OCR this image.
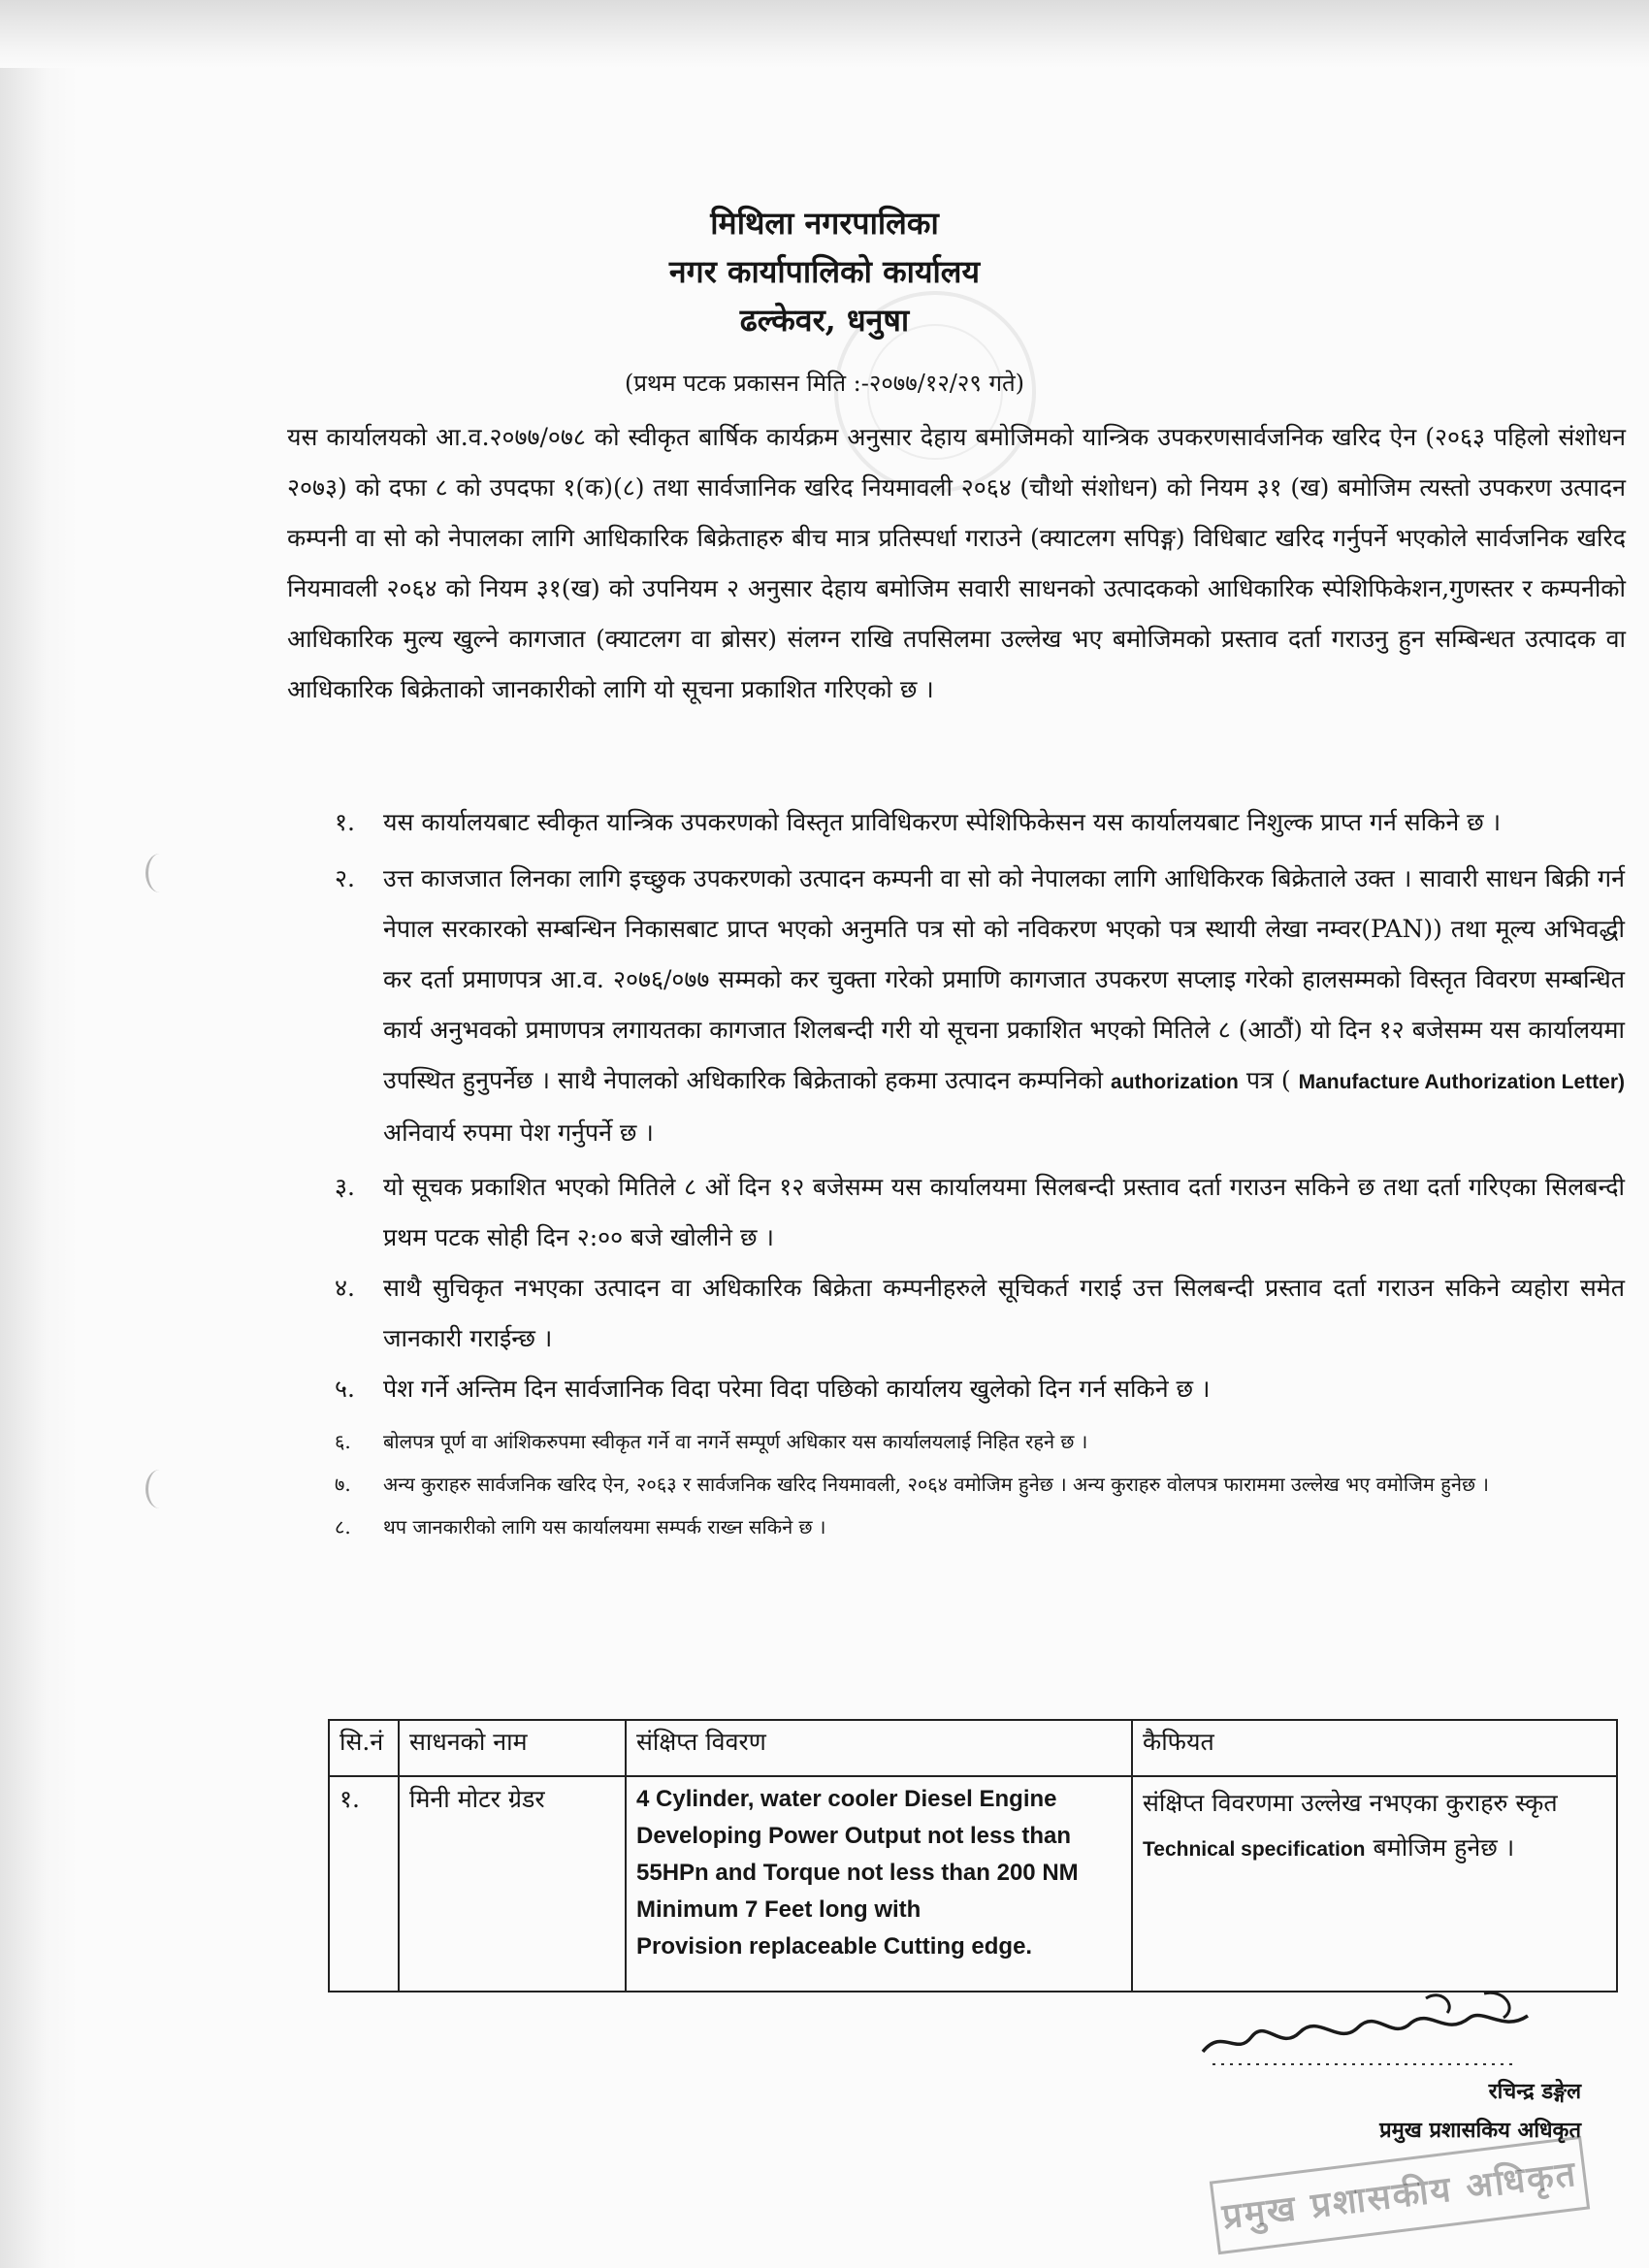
मिथिला नगरपालिका
नगर कार्यापालिको कार्यालय
ढल्केवर, धनुषा
(प्रथम पटक प्रकासन मिति :-२०७७/१२/२९ गते)
यस कार्यालयको आ.व.२०७७/०७८ को स्वीकृत बार्षिक कार्यक्रम अनुसार देहाय बमोजिमको यान्त्रिक उपकरणसार्वजनिक खरिद ऐन (२०६३ पहिलो संशोधन २०७३) को दफा ८ को उपदफा १(क)(८) तथा सार्वजानिक खरिद नियमावली २०६४ (चौथो संशोधन) को नियम ३१ (ख) बमोजिम त्यस्तो उपकरण उत्पादन कम्पनी वा सो को नेपालका लागि आधिकारिक बिक्रेताहरु बीच मात्र प्रतिस्पर्धा गराउने (क्याटलग सपिङ्ग) विधिबाट खरिद गर्नुपर्ने भएकोले सार्वजनिक खरिद नियमावली २०६४ को नियम ३१(ख) को उपनियम २ अनुसार देहाय बमोजिम सवारी साधनको उत्पादकको आधिकारिक स्पेशिफिकेशन,गुणस्तर र कम्पनीको आधिकारिक मुल्य खुल्ने कागजात (क्याटलग वा ब्रोसर) संलग्न राखि तपसिलमा उल्लेख भए बमोजिमको प्रस्ताव दर्ता गराउनु हुन सम्बिन्धत उत्पादक वा आधिकारिक बिक्रेताको जानकारीको लागि यो सूचना प्रकाशित गरिएको छ ।
१. यस कार्यालयबाट स्वीकृत यान्त्रिक उपकरणको विस्तृत प्राविधिकरण स्पेशिफिकेसन यस कार्यालयबाट निशुल्क प्राप्त गर्न सकिने छ ।
२. उत्त काजजात लिनका लागि इच्छुक उपकरणको उत्पादन कम्पनी वा सो को नेपालका लागि आधिकिरक बिक्रेताले उक्त । सावारी साधन बिक्री गर्न नेपाल सरकारको सम्बन्धिन निकासबाट प्राप्त भएको अनुमति पत्र सो को नविकरण भएको पत्र स्थायी लेखा नम्वर(PAN)) तथा मूल्य अभिवद्धी कर दर्ता प्रमाणपत्र आ.व. २०७६/०७७ सम्मको कर चुक्ता गरेको प्रमाणि कागजात उपकरण सप्लाइ गरेको हालसम्मको विस्तृत विवरण सम्बन्धित कार्य अनुभवको प्रमाणपत्र लगायतका कागजात शिलबन्दी गरी यो सूचना प्रकाशित भएको मितिले ८ (आठौं) यो दिन १२ बजेसम्म यस कार्यालयमा उपस्थित हुनुपर्नेछ । साथै नेपालको अधिकारिक बिक्रेताको हकमा उत्पादन कम्पनिको authorization पत्र ( Manufacture Authorization Letter) अनिवार्य रुपमा पेश गर्नुपर्ने छ ।
३. यो सूचक प्रकाशित भएको मितिले ८ ओं दिन १२ बजेसम्म यस कार्यालयमा सिलबन्दी प्रस्ताव दर्ता गराउन सकिने छ तथा दर्ता गरिएका सिलबन्दी प्रथम पटक सोही दिन २:०० बजे खोलीने छ ।
४. साथै सुचिकृत नभएका उत्पादन वा अधिकारिक बिक्रेता कम्पनीहरुले सूचिकर्त गराई उत्त सिलबन्दी प्रस्ताव दर्ता गराउन सकिने व्यहोरा समेत जानकारी गराईन्छ ।
५. पेश गर्ने अन्तिम दिन सार्वजानिक विदा परेमा विदा पछिको कार्यालय खुलेको दिन गर्न सकिने छ ।
६. बोलपत्र पूर्ण वा आंशिकरुपमा स्वीकृत गर्ने वा नगर्ने सम्पूर्ण अधिकार यस कार्यालयलाई निहित रहने छ ।
७. अन्य कुराहरु सार्वजनिक खरिद ऐन, २०६३ र सार्वजनिक खरिद नियमावली, २०६४ वमोजिम हुनेछ । अन्य कुराहरु वोलपत्र फाराममा उल्लेख भए वमोजिम हुनेछ ।
८. थप जानकारीको लागि यस कार्यालयमा सम्पर्क राख्न सकिने छ ।
सि.नं	साधनको नाम	संक्षिप्त विवरण	कैफियत
१.	मिनी मोटर ग्रेडर	4 Cylinder, water cooler Diesel Engine
Developing Power Output not less than
55HPn and Torque not less than 200 NM
Minimum 7 Feet long with
Provision replaceable Cutting edge.	संक्षिप्त विवरणमा उल्लेख नभएका कुराहरु स्कृत Technical specification बमोजिम हुनेछ ।
रचिन्द्र डङ्गेल
प्रमुख प्रशासकिय अधिकृत
प्रमुख प्रशासकीय अधिकृत
